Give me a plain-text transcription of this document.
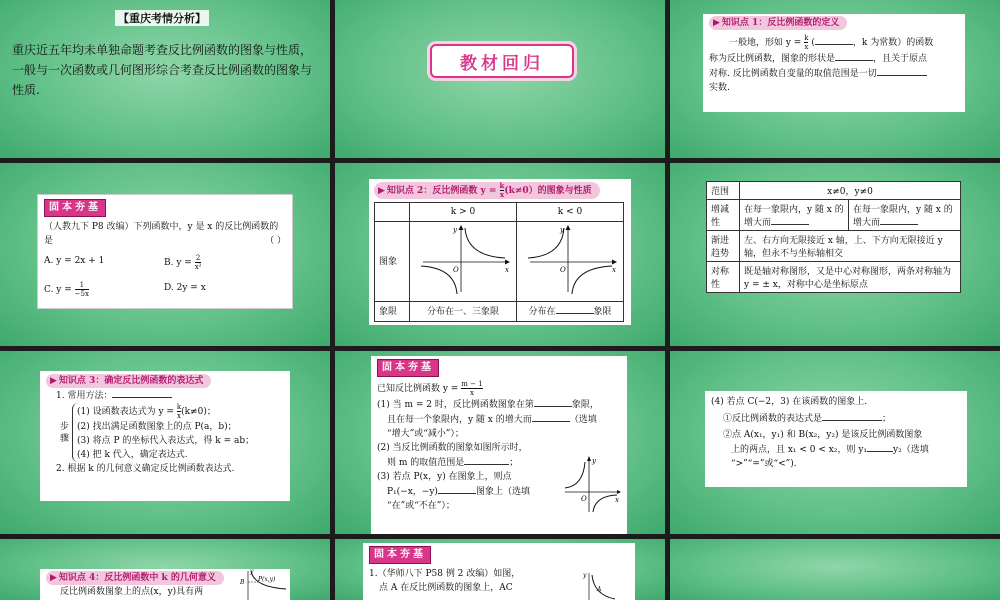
【重庆考情分析】
重庆近五年均未单独命题考查反比例函数的图象与性质，一般与一次函数或几何图形综合考查反比例函数的图象与性质.
教材回归
▶ 知识点 1：反比例函数的定义
一般地，形如 $y = \frac{k}{x}$ (	，k 为常数）的函数
称为反比例函数，图象的形状是	，且关于原点
对称. 反比例函数自变量的取值范围是一切
实数.
固本夯基
（人教九下 P8 改编）下列函数中，y 是 x 的反比例函数的是	（ ）
A. y = 2x + 1	B. $y = \frac{2}{\text{x²}}$
C. $y = \frac{1}{-5x}$	D. 2y = x
▶ 知识点 2：反比例函数 $y = \frac{k}{x} (k\ne 0)$的图象与性质
	k > 0	k < 0
图象	y
x
O	y
x
O

象限	分布在一、三象限	分布在 象限
范围	x≠0，y≠0	
增减性	在每一象限内，y 随 x 的增大而	在每一象限内，y 随 x 的增大而
渐进趋势	左、右方向无限接近 x 轴，上、下方向无限接近 y 轴，但永不与坐标轴相交	
对称性	既是轴对称图形，又是中心对称图形，两条对称轴为 y = ± x，对称中心是坐标原点	
▶ 知识点 3：确定反比例函数的表达式
1. 常用方法：
步骤
(1) 设函数表达式为 $y = \frac{k}{x} (k\ne 0)$；
(2) 找出满足函数图象上的点 P(a，b)；
(3) 将点 P 的坐标代入表达式，得 k = ab；
(4) 把 k 代入，确定表达式.
2. 根据 k 的几何意义确定反比例函数表达式.
固本夯基
已知反比例函数 $y = \frac{m - 1}{x}$
(1) 当 m = 2 时，反比例函数图象在第	象限，
且在每一个象限内，y 随 x 的增大而	（选填
“增大”或“减小”）；
(2) 当反比例函数的图象如图所示时，
则 m 的取值范围是	；
(3) 若点 P(x，y) 在图象上，则点
P₁(−x，−y)	图象上（选填
“在”或“不在”）；
y
x
O
(4) 若点 C(−2，3) 在该函数的图象上.
①反比例函数的表达式是	；
②点 A(x₁，y₁) 和 B(x₂，y₂) 是该反比例函数图象
上的两点，且 x₁ < 0 < x₂，则 y₁	y₂（选填
“>”“=”或“<”).
▶ 知识点 4：反比例函数中 k 的几何意义
反比例函数图象上的点(x，y)具有两
y
B P(x,y)
固本夯基
1.（华师八下 P58 例 2 改编）如图，
点 A 在反比例函数的图象上，AC
y
A
